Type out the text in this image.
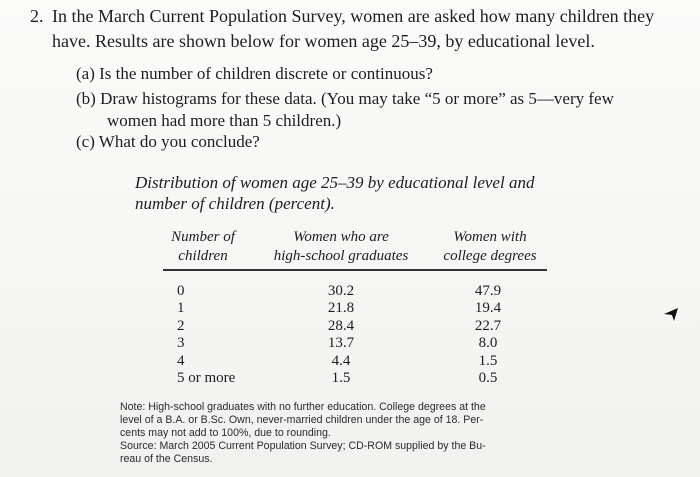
2. In the March Current Population Survey, women are asked how many children they
have. Results are shown below for women age 25–39, by educational level.
(a) Is the number of children discrete or continuous?
(b) Draw histograms for these data. (You may take “5 or more” as 5—very few
women had more than 5 children.)
(c) What do you conclude?
Distribution of women age 25–39 by educational level and
number of children (percent).
Number of
children
Women who are
high-school graduates
Women with
college degrees
0
1
2
3
4
5 or more
30.2
21.8
28.4
13.7
4.4
1.5
47.9
19.4
22.7
8.0
1.5
0.5

Note: High-school graduates with no further education. College degrees at the

level of a B.A. or B.Sc. Own, never-married children under the age of 18. Per-

cents may not add to 100%, due to rounding.

Source: March 2005 Current Population Survey; CD-ROM supplied by the Bu-

reau of the Census.
